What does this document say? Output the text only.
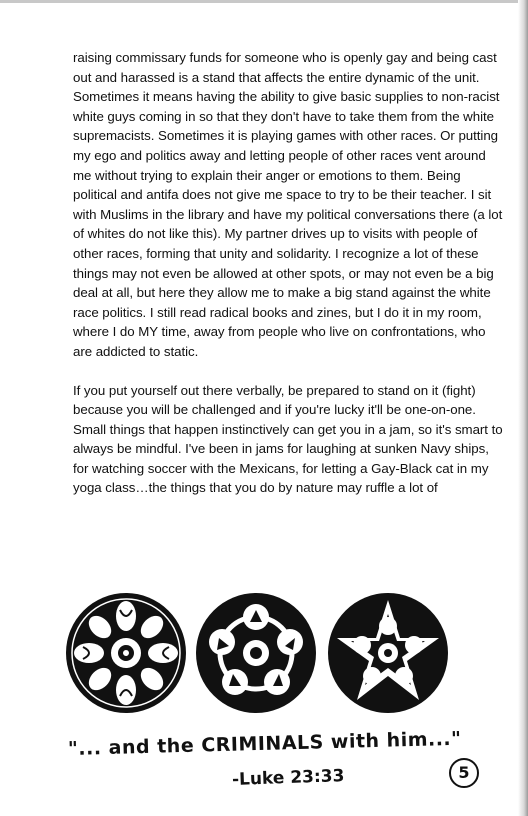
raising commissary funds for someone who is openly gay and being cast out and harassed is a stand that affects the entire dynamic of the unit. Sometimes it means having the ability to give basic supplies to non-racist white guys coming in so that they don't have to take them from the white supremacists. Sometimes it is playing games with other races. Or putting my ego and politics away and letting people of other races vent around me without trying to explain their anger or emotions to them. Being political and antifa does not give me space to try to be their teacher. I sit with Muslims in the library and have my political conversations there (a lot of whites do not like this). My partner drives up to visits with people of other races, forming that unity and solidarity. I recognize a lot of these things may not even be allowed at other spots, or may not even be a big deal at all, but here they allow me to make a big stand against the white race politics. I still read radical books and zines, but I do it in my room, where I do MY time, away from people who live on confrontations, who are addicted to static.

If you put yourself out there verbally, be prepared to stand on it (fight) because you will be challenged and if you're lucky it'll be one-on-one. Small things that happen instinctively can get you in a jam, so it's smart to always be mindful. I've been in jams for laughing at sunken Navy ships, for watching soccer with the Mexicans, for letting a Gay-Black cat in my yoga class…the things that you do by nature may ruffle a lot of

"... and the CRIMINALS with him..."
-Luke 23:33	5
